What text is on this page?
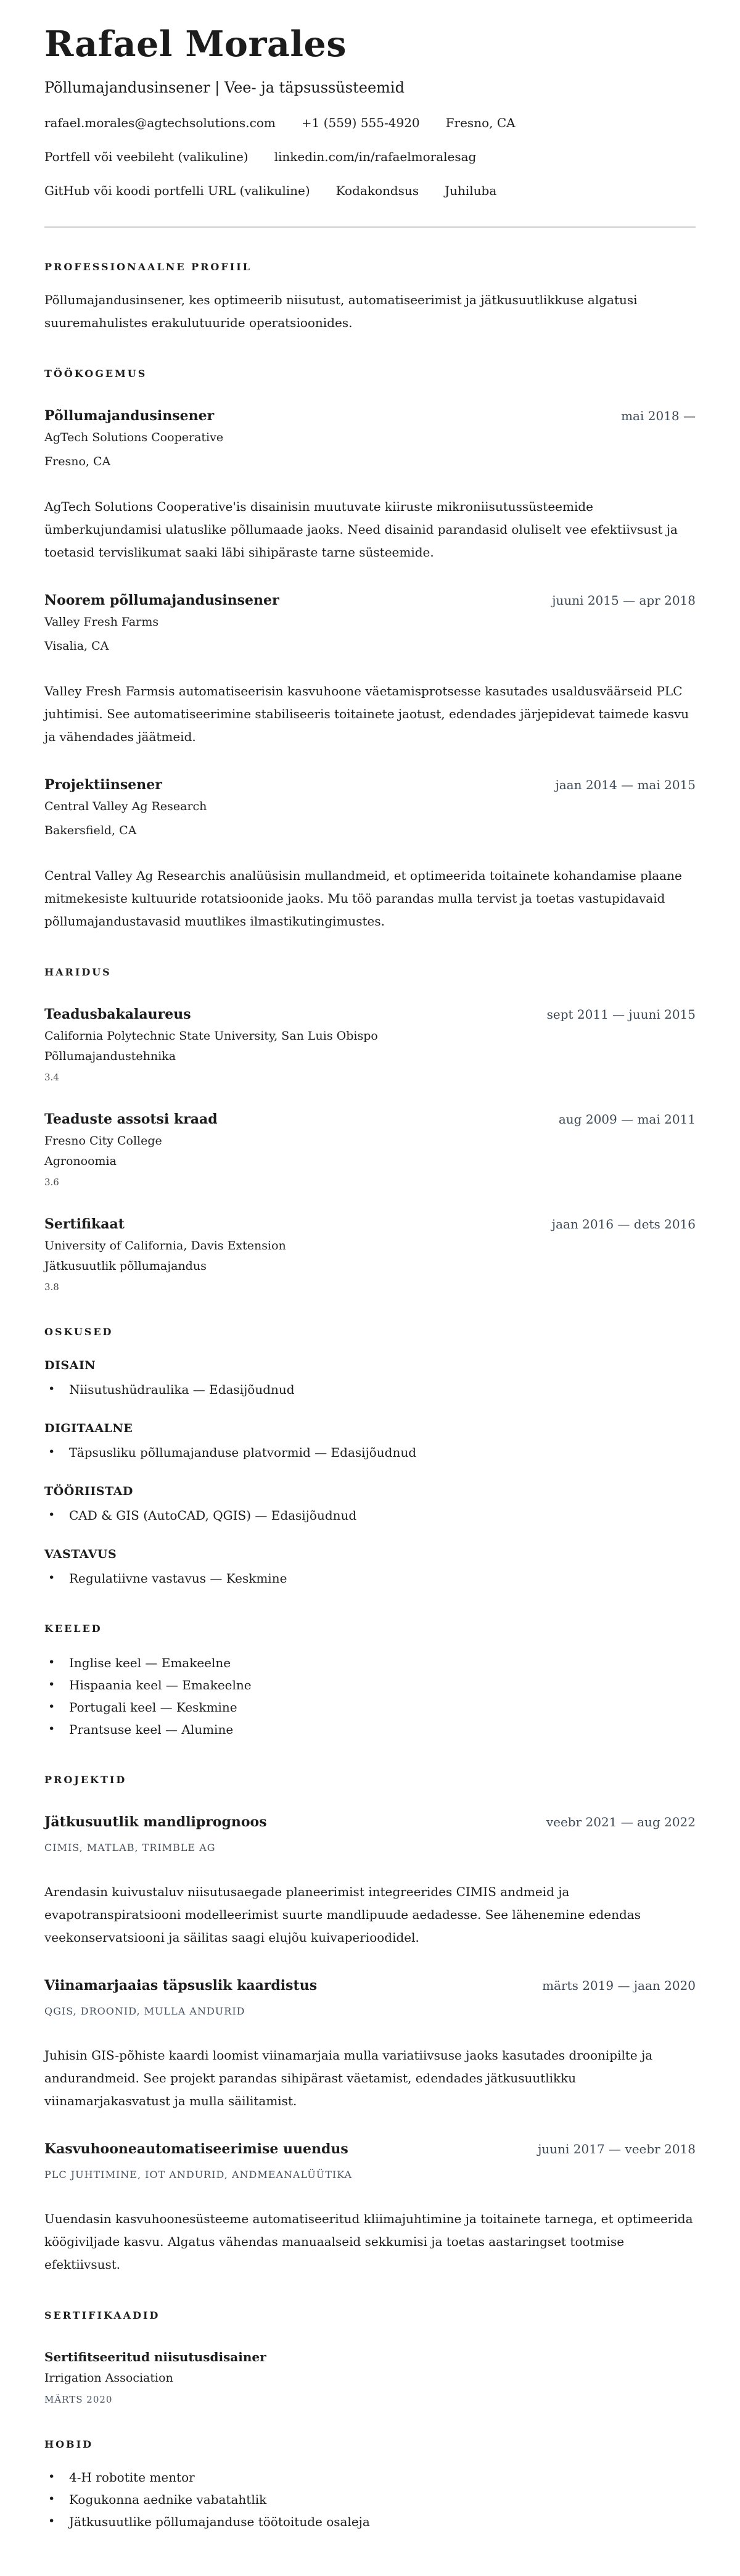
Rafael Morales

Põllumajandusinsener | Vee- ja täpsussüsteemid

rafael.morales@agtechsolutions.com +1 (559) 555-4920 Fresno, CA
Portfell või veebileht (valikuline) linkedin.com/in/rafaelmoralesag
GitHub või koodi portfelli URL (valikuline) Kodakondsus Juhiluba
PROFESSIONAALNE PROFIIL

Põllumajandusinsener, kes optimeerib niisutust, automatiseerimist ja jätkusuutlikkuse algatusi suuremahulistes erakulutuuride operatsioonides.

TÖÖKOGEMUS
Põllumajandusinsener	mai 2018 —
AgTech Solutions Cooperative
Fresno, CA

AgTech Solutions Cooperative'is disainisin muutuvate kiiruste mikroniisutussüsteemide ümberkujundamisi ulatuslike põllumaade jaoks. Need disainid parandasid oluliselt vee efektiivsust ja toetasid tervislikumat saaki läbi sihipäraste tarne süsteemide.

Noorem põllumajandusinsener	juuni 2015 — apr 2018
Valley Fresh Farms
Visalia, CA

Valley Fresh Farmsis automatiseerisin kasvuhoone väetamisprotsesse kasutades usaldusväärseid PLC juhtimisi. See automatiseerimine stabiliseeris toitainete jaotust, edendades järjepidevat taimede kasvu ja vähendades jäätmeid.

Projektiinsener	jaan 2014 — mai 2015
Central Valley Ag Research
Bakersfield, CA

Central Valley Ag Researchis analüüsisin mullandmeid, et optimeerida toitainete kohandamise plaane mitmekesiste kultuuride rotatsioonide jaoks. Mu töö parandas mulla tervist ja toetas vastupidavaid põllumajandustavasid muutlikes ilmastikutingimustes.

HARIDUS
Teadusbakalaureus	sept 2011 — juuni 2015
California Polytechnic State University, San Luis Obispo
Põllumajandustehnika
3.4
Teaduste assotsi kraad	aug 2009 — mai 2011
Fresno City College
Agronoomia
3.6
Sertifikaat	jaan 2016 — dets 2016
University of California, Davis Extension
Jätkusuutlik põllumajandus
3.8
OSKUSED
DISAIN
• Niisutushüdraulika — Edasijõudnud
DIGITAALNE
• Täpsusliku põllumajanduse platvormid — Edasijõudnud
TÖÖRIISTAD
• CAD & GIS (AutoCAD, QGIS) — Edasijõudnud
VASTAVUS
• Regulatiivne vastavus — Keskmine
KEELED
• Inglise keel — Emakeelne
• Hispaania keel — Emakeelne
• Portugali keel — Keskmine
• Prantsuse keel — Alumine
PROJEKTID
Jätkusuutlik mandliprognoos	veebr 2021 — aug 2022
CIMIS, MATLAB, TRIMBLE AG

Arendasin kuivustaluv niisutusaegade planeerimist integreerides CIMIS andmeid ja evapotranspiratsiooni modelleerimist suurte mandlipuude aedadesse. See lähenemine edendas veekonservatsiooni ja säilitas saagi elujõu kuivaperioodidel.

Viinamarjaaias täpsuslik kaardistus	märts 2019 — jaan 2020
QGIS, DROONID, MULLA ANDURID

Juhisin GIS-põhiste kaardi loomist viinamarjaia mulla variatiivsuse jaoks kasutades droonipilte ja andurandmeid. See projekt parandas sihipärast väetamist, edendades jätkusuutlikku viinamarjakasvatust ja mulla säilitamist.

Kasvuhooneautomatiseerimise uuendus	juuni 2017 — veebr 2018
PLC JUHTIMINE, IOT ANDURID, ANDMEANALÜÜTIKA

Uuendasin kasvuhoonesüsteeme automatiseeritud kliimajuhtimine ja toitainete tarnega, et optimeerida köögiviljade kasvu. Algatus vähendas manuaalseid sekkumisi ja toetas aastaringset tootmise efektiivsust.

SERTIFIKAADID
Sertifitseeritud niisutusdisainer
Irrigation Association
MÄRTS 2020
HOBID
• 4-H robotite mentor
• Kogukonna aednike vabatahtlik
• Jätkusuutlike põllumajanduse töötoitude osaleja
